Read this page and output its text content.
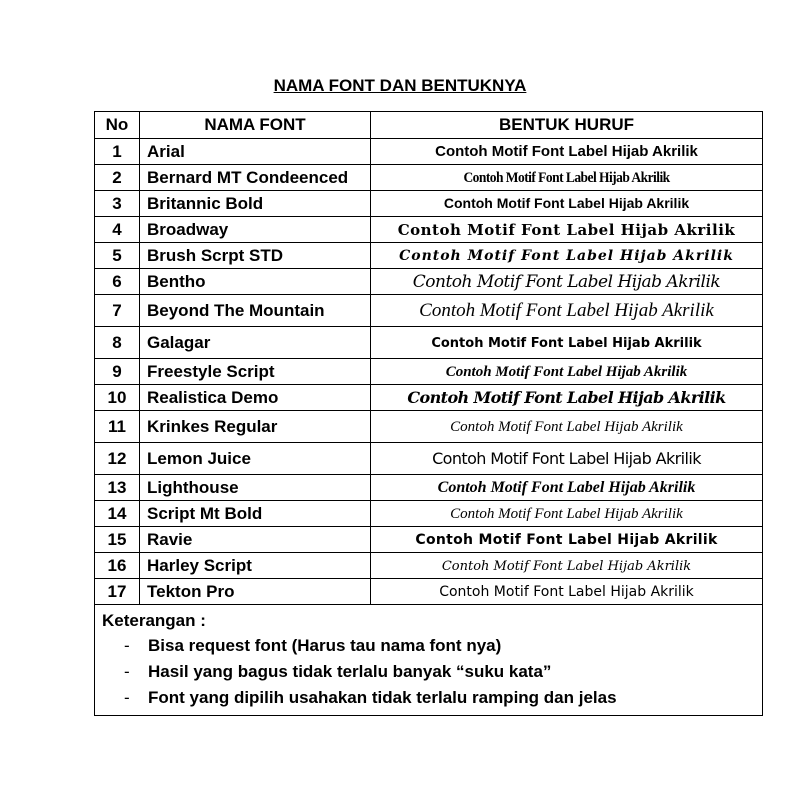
NAMA FONT DAN BENTUKNYA
No	NAMA FONT	BENTUK HURUF
1	Arial	Contoh Motif Font Label Hijab Akrilik
2	Bernard MT Condeenced	Contoh Motif Font Label Hijab Akrilik
3	Britannic Bold	Contoh Motif Font Label Hijab Akrilik
4	Broadway	Contoh Motif Font Label Hijab Akrilik
5	Brush Scrpt STD	Contoh Motif Font Label Hijab Akrilik
6	Bentho	Contoh Motif Font Label Hijab Akrilik
7	Beyond The Mountain	Contoh Motif Font Label Hijab Akrilik
8	Galagar	Contoh Motif Font Label Hijab Akrilik
9	Freestyle Script	Contoh Motif Font Label Hijab Akrilik
10	Realistica Demo	Contoh Motif Font Label Hijab Akrilik
11	Krinkes Regular	Contoh Motif Font Label Hijab Akrilik
12	Lemon Juice	Contoh Motif Font Label Hijab Akrilik
13	Lighthouse	Contoh Motif Font Label Hijab Akrilik
14	Script Mt Bold	Contoh Motif Font Label Hijab Akrilik
15	Ravie	Contoh Motif Font Label Hijab Akrilik
16	Harley Script	Contoh Motif Font Label Hijab Akrilik
17	Tekton Pro	Contoh Motif Font Label Hijab Akrilik

Keterangan :
- Bisa request font (Harus tau nama font nya)
- Hasil yang bagus tidak terlalu banyak “suku kata”
- Font yang dipilih usahakan tidak terlalu ramping dan jelas		
